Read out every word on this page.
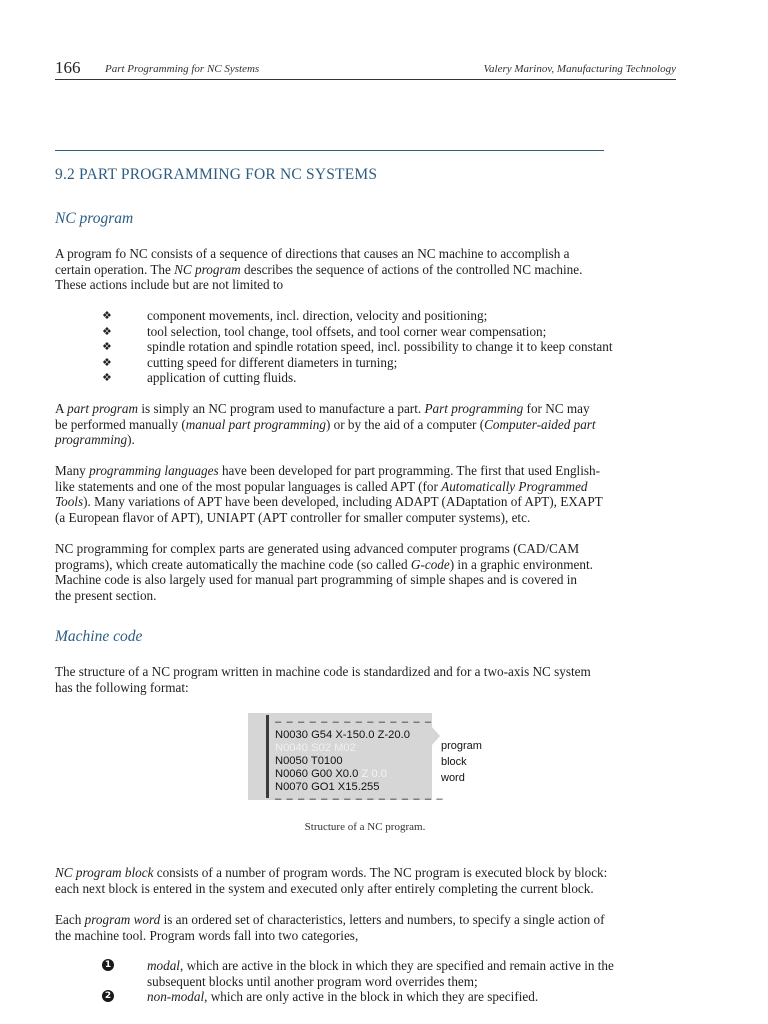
166 Part Programming for NC Systems	Valery Marinov, Manufacturing Technology
9.2 PART PROGRAMMING FOR NC SYSTEMS
NC program
A program fo NC consists of a sequence of directions that causes an NC machine to accomplish a
certain operation. The NC program describes the sequence of actions of the controlled NC machine.
These actions include but are not limited to
❖	component movements, incl. direction, velocity and positioning;
❖	tool selection, tool change, tool offsets, and tool corner wear compensation;
❖	spindle rotation and spindle rotation speed, incl. possibility to change it to keep constant
❖	cutting speed for different diameters in turning;
❖	application of cutting fluids.
A part program is simply an NC program used to manufacture a part. Part programming for NC may
be performed manually (manual part programming) or by the aid of a computer (Computer-aided part
programming).
Many programming languages have been developed for part programming. The first that used English-
like statements and one of the most popular languages is called APT (for Automatically Programmed
Tools). Many variations of APT have been developed, including ADAPT (ADaptation of APT), EXAPT
(a European flavor of APT), UNIAPT (APT controller for smaller computer systems), etc.
NC programming for complex parts are generated using advanced computer programs (CAD/CAM
programs), which create automatically the machine code (so called G-code) in a graphic environment.
Machine code is also largely used for manual part programming of simple shapes and is covered in
the present section.
Machine code
The structure of a NC program written in machine code is standardized and for a two-axis NC system
has the following format:
– – – – – – – – – – – – – –
N0030 G54 X-150.0 Z-20.0
N0040 S02 M02
N0050 T0100
N0060 G00 X0.0 Z 0.0
N0070 GO1 X15.255
– – – – – – – – – – – – – – –
program
block
word
Structure of a NC program.
NC program block consists of a number of program words. The NC program is executed block by block:
each next block is entered in the system and executed only after entirely completing the current block.
Each program word is an ordered set of characteristics, letters and numbers, to specify a single action of
the machine tool. Program words fall into two categories,
1	modal, which are active in the block in which they are specified and remain active in the
subsequent blocks until another program word overrides them;
2	non-modal, which are only active in the block in which they are specified.
